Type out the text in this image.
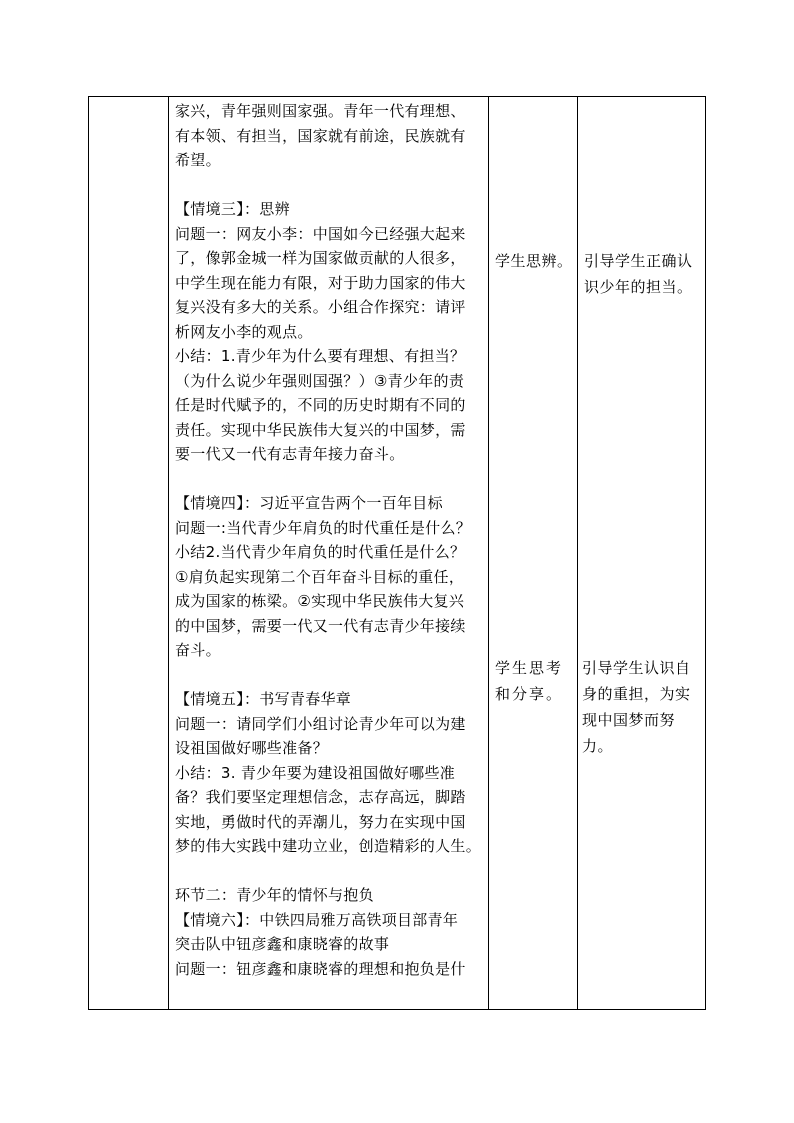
家兴，青年强则国家强。青年一代有理想、
有本领、有担当，国家就有前途，民族就有
希望。
【情境三】：思辨
问题一：网友小李：中国如今已经强大起来
了，像郭金城一样为国家做贡献的人很多，
中学生现在能力有限，对于助力国家的伟大
复兴没有多大的关系。小组合作探究：请评
析网友小李的观点。
小结：1.青少年为什么要有理想、有担当？
（为什么说少年强则国强？）③青少年的责
任是时代赋予的，不同的历史时期有不同的
责任。实现中华民族伟大复兴的中国梦，需
要一代又一代有志青年接力奋斗。
【情境四】：习近平宣告两个一百年目标
问题一:当代青少年肩负的时代重任是什么？
小结2.当代青少年肩负的时代重任是什么？
①肩负起实现第二个百年奋斗目标的重任，
成为国家的栋梁。②实现中华民族伟大复兴
的中国梦，需要一代又一代有志青少年接续
奋斗。
【情境五】：书写青春华章
问题一：请同学们小组讨论青少年可以为建
设祖国做好哪些准备？
小结：3. 青少年要为建设祖国做好哪些准
备？我们要坚定理想信念，志存高远，脚踏
实地，勇做时代的弄潮儿，努力在实现中国
梦的伟大实践中建功立业，创造精彩的人生。
环节二：青少年的情怀与抱负
【情境六】：中铁四局雅万高铁项目部青年
突击队中钮彦鑫和康晓睿的故事
问题一：钮彦鑫和康晓睿的理想和抱负是什
学生思辨。
学生思考
和分享。
引导学生正确认
识少年的担当。
引导学生认识自
身的重担，为实
现中国梦而努力。
